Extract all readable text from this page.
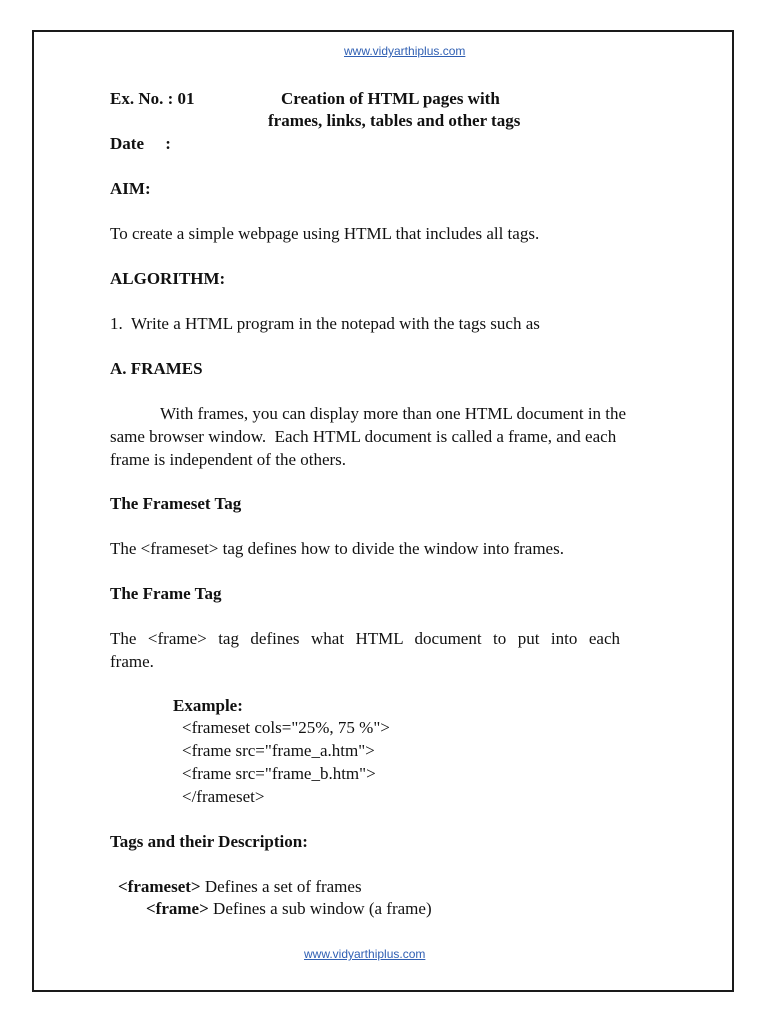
www.vidyarthiplus.com
Ex. No. : 01	Creation of HTML pages with
frames, links, tables and other tags
Date     :
AIM:
To create a simple webpage using HTML that includes all tags.
ALGORITHM:
1.  Write a HTML program in the notepad with the tags such as
A. FRAMES
With frames, you can display more than one HTML document in the
same browser window.  Each HTML document is called a frame, and each
frame is independent of the others.
The Frameset Tag
The <frameset> tag defines how to divide the window into frames.
The Frame Tag
The <frame> tag defines what HTML document to put into each
frame.
Example:
<frameset cols="25%, 75 %">
<frame src="frame_a.htm">
<frame src="frame_b.htm">
</frameset>
Tags and their Description:
<frameset> Defines a set of frames
<frame> Defines a sub window (a frame)
www.vidyarthiplus.com
